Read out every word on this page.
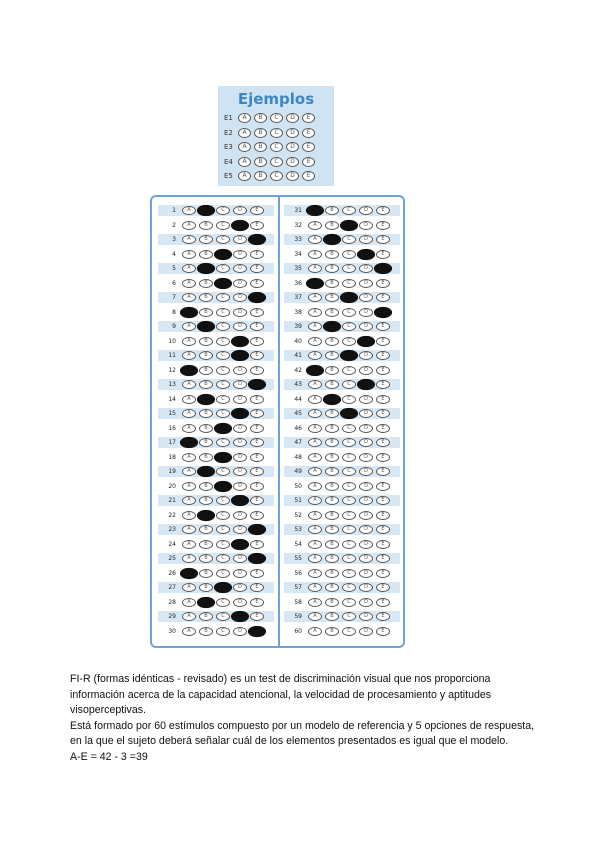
Ejemplos
E1	A	B	C	D	E
E2	A	B	C	D	E
E3	A	B	C	D	E
E4	A	B	C	D	E
E5	A	B	C	D	E
1	A	B	C	D	E
2	A	B	C	D	E
3	A	B	C	D	E
4	A	B	C	D	E
5	A	B	C	D	E
6	A	B	C	D	E
7	A	B	C	D	E
8	A	B	C	D	E
9	A	B	C	D	E
10	A	B	C	D	E
11	A	B	C	D	E
12	A	B	C	D	E
13	A	B	C	D	E
14	A	B	C	D	E
15	A	B	C	D	E
16	A	B	C	D	E
17	A	B	C	D	E
18	A	B	C	D	E
19	A	B	C	D	E
20	A	B	C	D	E
21	A	B	C	D	E
22	A	B	C	D	E
23	A	B	C	D	E
24	A	B	C	D	E
25	A	B	C	D	E
26	A	B	C	D	E
27	A	B	C	D	E
28	A	B	C	D	E
29	A	B	C	D	E
30	A	B	C	D	E
31	A	B	C	D	E
32	A	B	C	D	E
33	A	B	C	D	E
34	A	B	C	D	E
35	A	B	C	D	E
36	A	B	C	D	E
37	A	B	C	D	E
38	A	B	C	D	E
39	A	B	C	D	E
40	A	B	C	D	E
41	A	B	C	D	E
42	A	B	C	D	E
43	A	B	C	D	E
44	A	B	C	D	E
45	A	B	C	D	E
46	A	B	C	D	E
47	A	B	C	D	E
48	A	B	C	D	E
49	A	B	C	D	E
50	A	B	C	D	E
51	A	B	C	D	E
52	A	B	C	D	E
53	A	B	C	D	E
54	A	B	C	D	E
55	A	B	C	D	E
56	A	B	C	D	E
57	A	B	C	D	E
58	A	B	C	D	E
59	A	B	C	D	E
60	A	B	C	D	E

FI-R (formas idénticas - revisado) es un test de discriminación visual que nos proporciona información acerca de la capacidad atencional, la velocidad de procesamiento y aptitudes visoperceptivas.

Está formado por 60 estímulos compuesto por un modelo de referencia y 5 opciones de respuesta, en la que el sujeto deberá señalar cuál de los elementos presentados es igual que el modelo.

A-E = 42 - 3 =39
